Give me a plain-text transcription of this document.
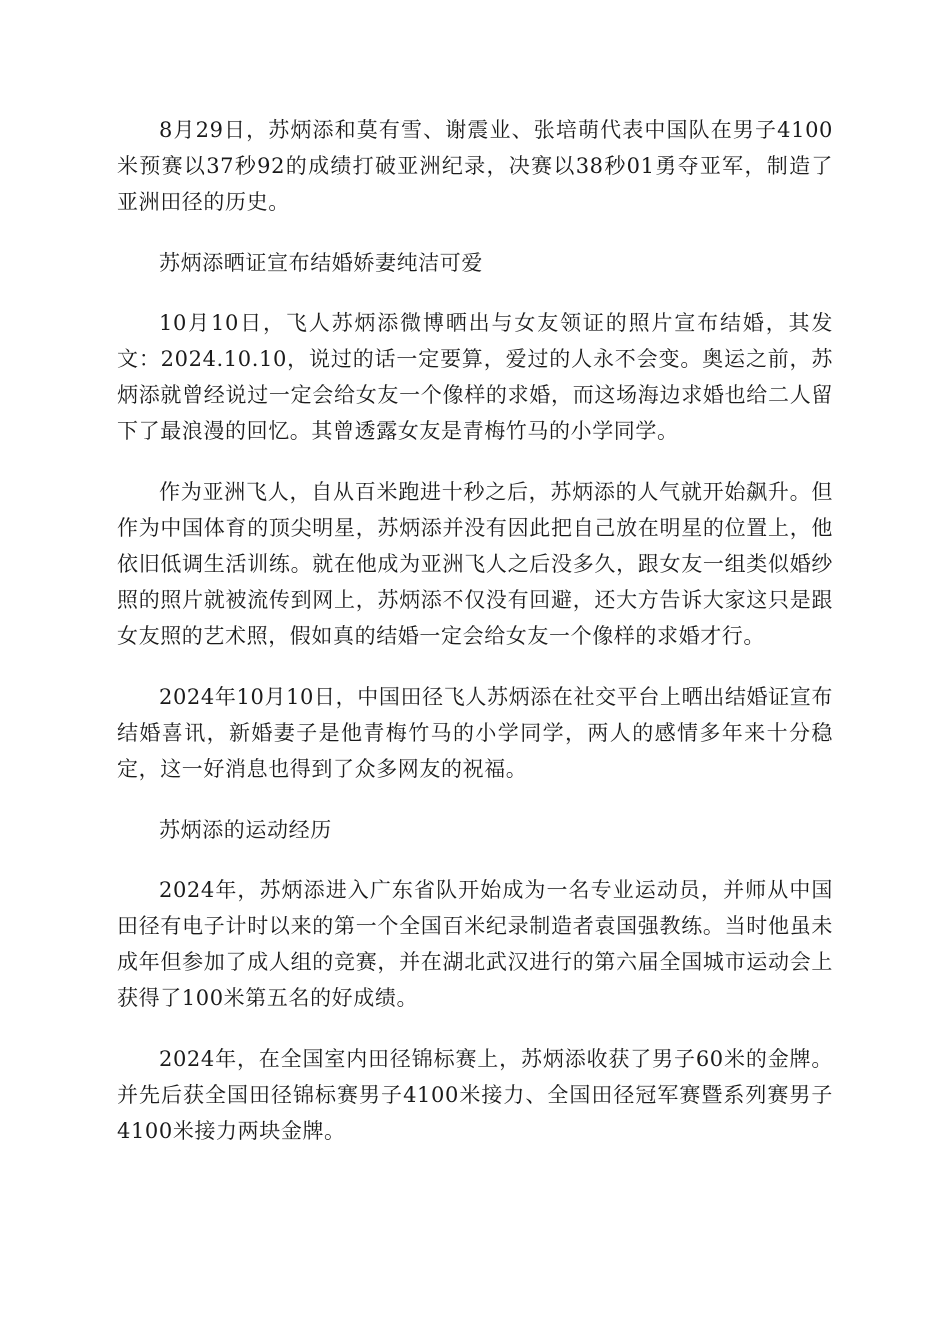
8月29日，苏炳添和莫有雪、谢震业、张培萌代表中国队在男子4100米预赛以37秒92的成绩打破亚洲纪录，决赛以38秒01勇夺亚军，制造了亚洲田径的历史。

苏炳添晒证宣布结婚娇妻纯洁可爱

10月10日，飞人苏炳添微博晒出与女友领证的照片宣布结婚，其发文：2024.10.10，说过的话一定要算，爱过的人永不会变。奥运之前，苏炳添就曾经说过一定会给女友一个像样的求婚，而这场海边求婚也给二人留下了最浪漫的回忆。其曾透露女友是青梅竹马的小学同学。

作为亚洲飞人，自从百米跑进十秒之后，苏炳添的人气就开始飙升。但作为中国体育的顶尖明星，苏炳添并没有因此把自己放在明星的位置上，他依旧低调生活训练。就在他成为亚洲飞人之后没多久，跟女友一组类似婚纱照的照片就被流传到网上，苏炳添不仅没有回避，还大方告诉大家这只是跟女友照的艺术照，假如真的结婚一定会给女友一个像样的求婚才行。

2024年10月10日，中国田径飞人苏炳添在社交平台上晒出结婚证宣布结婚喜讯，新婚妻子是他青梅竹马的小学同学，两人的感情多年来十分稳定，这一好消息也得到了众多网友的祝福。

苏炳添的运动经历

2024年，苏炳添进入广东省队开始成为一名专业运动员，并师从中国田径有电子计时以来的第一个全国百米纪录制造者袁国强教练。当时他虽未成年但参加了成人组的竞赛，并在湖北武汉进行的第六届全国城市运动会上获得了100米第五名的好成绩。

2024年，在全国室内田径锦标赛上，苏炳添收获了男子60米的金牌。并先后获全国田径锦标赛男子4100米接力、全国田径冠军赛暨系列赛男子4100米接力两块金牌。
